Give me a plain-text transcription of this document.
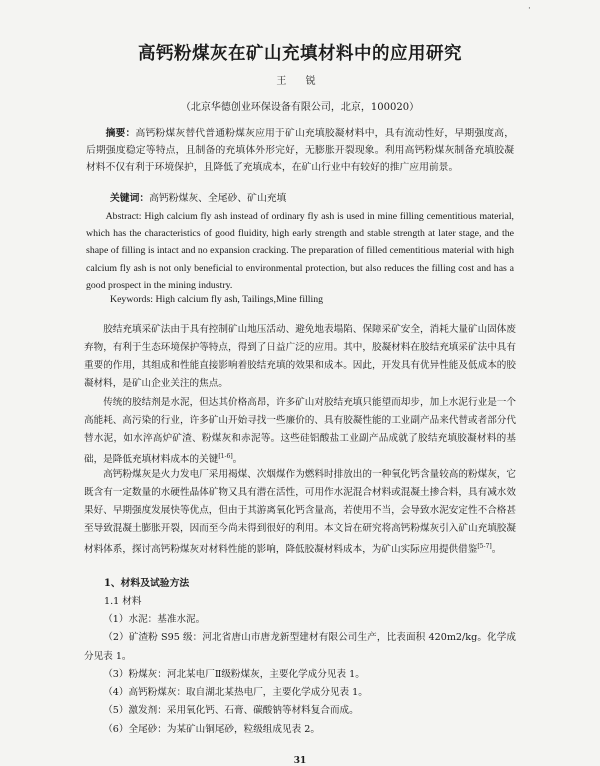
·
高钙粉煤灰在矿山充填材料中的应用研究
王 锐
（北京华德创业环保设备有限公司，北京，100020）
摘要：高钙粉煤灰替代普通粉煤灰应用于矿山充填胶凝材料中，具有流动性好，早期强度高，后期强度稳定等特点，且制备的充填体外形完好，无膨胀开裂现象。利用高钙粉煤灰制备充填胶凝材料不仅有利于环境保护，且降低了充填成本，在矿山行业中有较好的推广应用前景。
关键词：高钙粉煤灰、全尾砂、矿山充填
Abstract: High calcium fly ash instead of ordinary fly ash is used in mine filling cementitious material, which has the characteristics of good fluidity, high early strength and stable strength at later stage, and the shape of filling is intact and no expansion cracking. The preparation of filled cementitious material with high calcium fly ash is not only beneficial to environmental protection, but also reduces the filling cost and has a good prospect in the mining industry.
Keywords: High calcium fly ash, Tailings,Mine filling

胶结充填采矿法由于具有控制矿山地压活动、避免地表塌陷、保障采矿安全，消耗大量矿山固体废弃物，有利于生态环境保护等特点，得到了日益广泛的应用。其中，胶凝材料在胶结充填采矿法中具有重要的作用，其组成和性能直接影响着胶结充填的效果和成本。因此，开发具有优异性能及低成本的胶凝材料，是矿山企业关注的焦点。

传统的胶结剂是水泥，但达其价格高昂，许多矿山对胶结充填只能望而却步，加上水泥行业是一个高能耗、高污染的行业，许多矿山开始寻找一些廉价的、具有胶凝性能的工业副产品来代替或者部分代替水泥，如水淬高炉矿渣、粉煤灰和赤泥等。这些硅铝酸盐工业副产品成就了胶结充填胶凝材料的基础，是降低充填材料成本的关键[1-6]。

高钙粉煤灰是火力发电厂采用褐煤、次烟煤作为燃料时排放出的一种氧化钙含量较高的粉煤灰，它既含有一定数量的水硬性晶体矿物又具有潜在活性，可用作水泥混合材料或混凝土掺合料，具有减水效果好、早期强度发展快等优点，但由于其游离氧化钙含量高，若使用不当，会导致水泥安定性不合格甚至导致混凝土膨胀开裂，因而至今尚未得到很好的利用。本文旨在研究将高钙粉煤灰引入矿山充填胶凝材料体系，探讨高钙粉煤灰对材料性能的影响，降低胶凝材料成本，为矿山实际应用提供借鉴[5-7]。

1、材料及试验方法
1.1 材料
（1）水泥：基准水泥。
（2）矿渣粉 S95 级：河北省唐山市唐龙新型建材有限公司生产，比表面积 420m2/kg。化学成分见表 1。
（3）粉煤灰：河北某电厂Ⅱ级粉煤灰，主要化学成分见表 1。
（4）高钙粉煤灰：取自湖北某热电厂，主要化学成分见表 1。
（5）激发剂：采用氧化钙、石膏、碳酸钠等材料复合而成。
（6）全尾砂：为某矿山铜尾砂，粒级组成见表 2。
31
